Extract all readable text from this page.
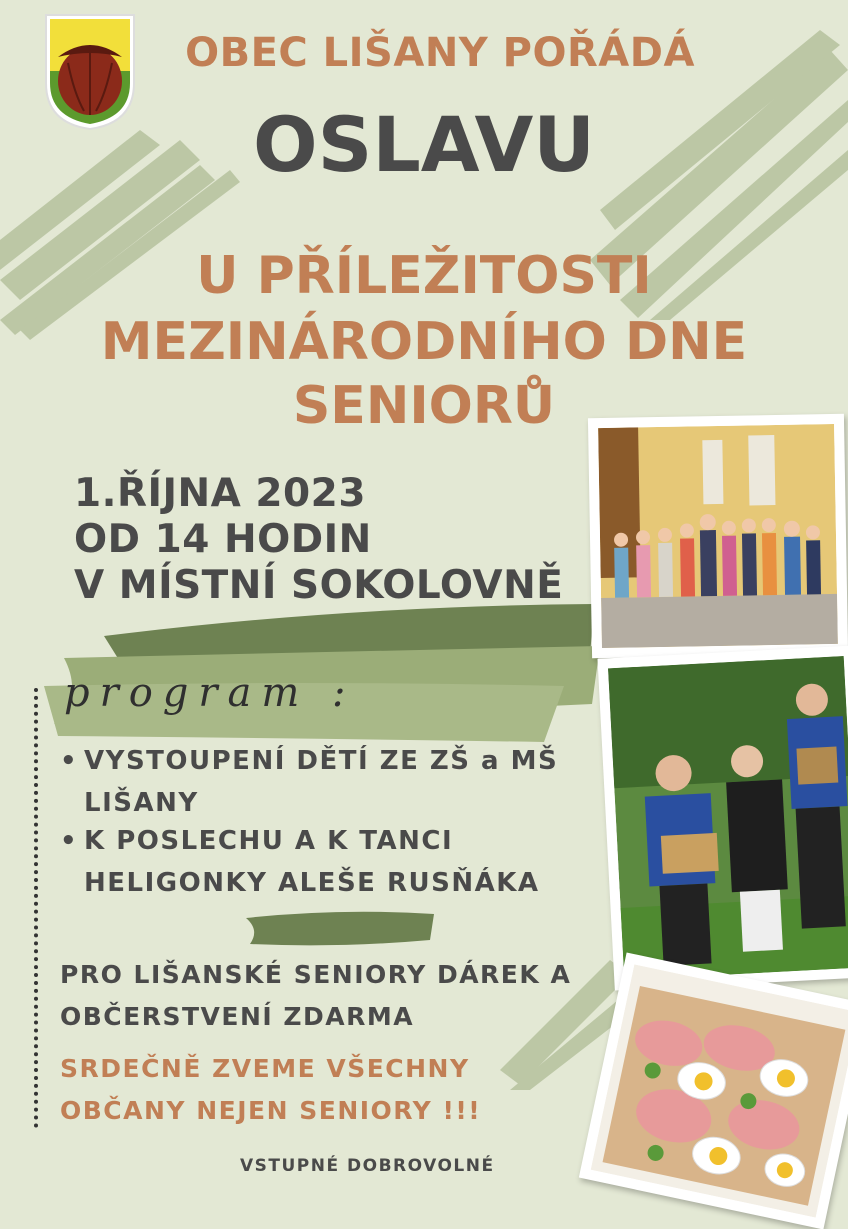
OBEC LIŠANY POŘÁDÁ
OSLAVU
U PŘÍLEŽITOSTI
MEZINÁRODNÍHO DNE
SENIORŮ
1.ŘÍJNA 2023
OD 14 HODIN
V MÍSTNÍ SOKOLOVNĚ
program :
• VYSTOUPENÍ DĚTÍ ZE ZŠ a MŠ
LIŠANY
• K POSLECHU A K TANCI
HELIGONKY ALEŠE RUSŇÁKA
PRO LIŠANSKÉ SENIORY DÁREK A
OBČERSTVENÍ ZDARMA
SRDEČNĚ ZVEME VŠECHNY
OBČANY NEJEN SENIORY !!!
VSTUPNÉ DOBROVOLNÉ
